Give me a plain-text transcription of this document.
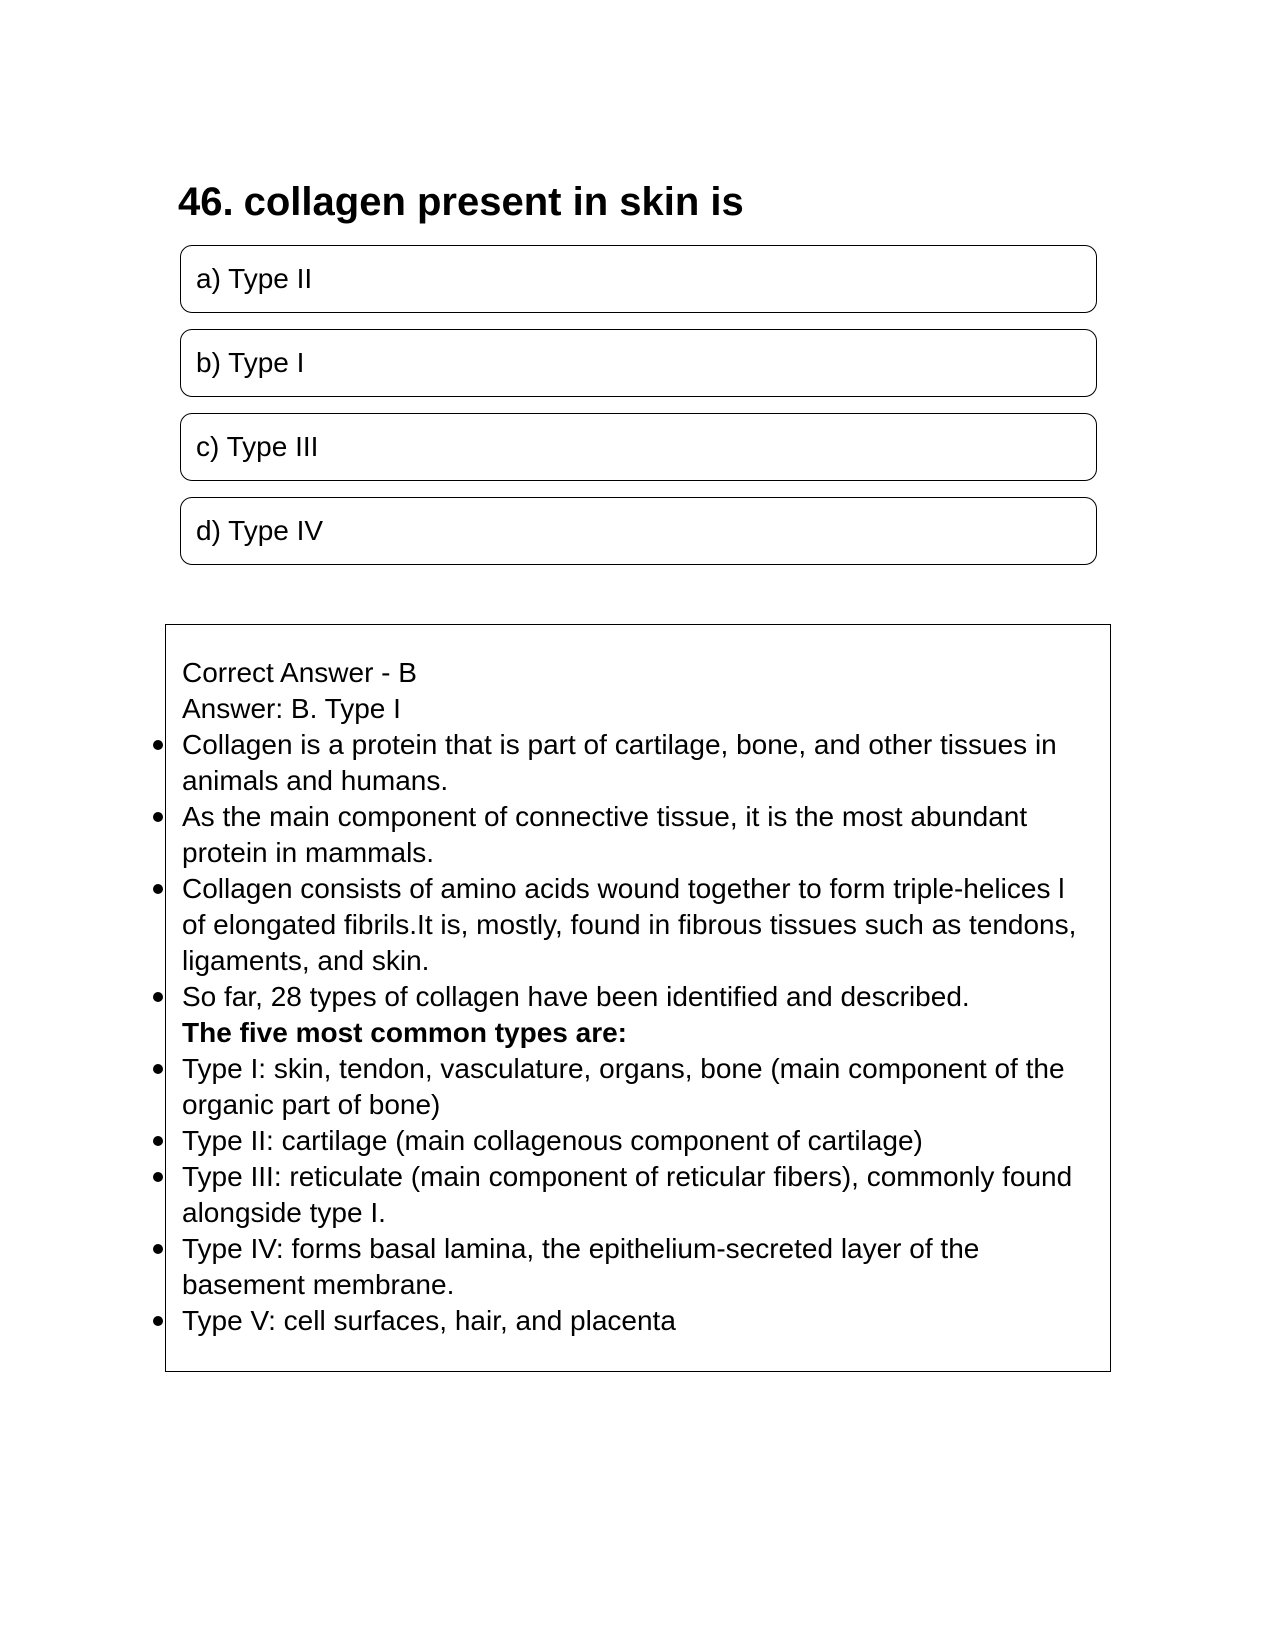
46. collagen present in skin is
a) Type II
b) Type I
c) Type III
d) Type IV
Correct Answer - B
Answer: B. Type I
Collagen is a protein that is part of cartilage, bone, and other tissues in animals and humans.
As the main component of connective tissue, it is the most abundant protein in mammals.
Collagen consists of amino acids wound together to form triple-helices l of elongated fibrils.It is, mostly, found in fibrous tissues such as tendons, ligaments, and skin.
So far, 28 types of collagen have been identified and described.
The five most common types are:
Type I: skin, tendon, vasculature, organs, bone (main component of the organic part of bone)
Type II: cartilage (main collagenous component of cartilage)
Type III: reticulate (main component of reticular fibers), commonly found alongside type I.
Type IV: forms basal lamina, the epithelium-secreted layer of the basement membrane.
Type V: cell surfaces, hair, and placenta
